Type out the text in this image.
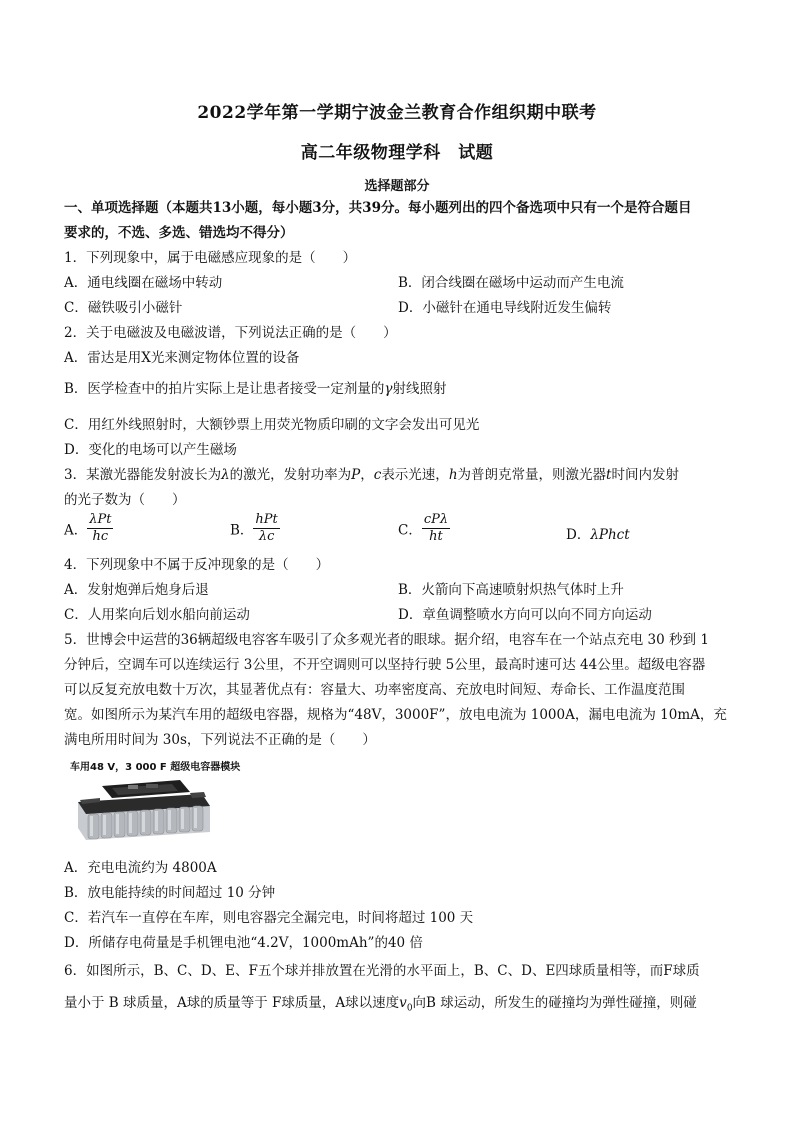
2022学年第一学期宁波金兰教育合作组织期中联考
高二年级物理学科　试题
选择题部分
一、单项选择题（本题共13小题，每小题3分，共39分。每小题列出的四个备选项中只有一个是符合题目
要求的，不选、多选、错选均不得分）
1．下列现象中，属于电磁感应现象的是（　　）
A．通电线圈在磁场中转动	B．闭合线圈在磁场中运动而产生电流
C．磁铁吸引小磁针	D．小磁针在通电导线附近发生偏转
2．关于电磁波及电磁波谱，下列说法正确的是（　　）
A．雷达是用X光来测定物体位置的设备
B．医学检查中的拍片实际上是让患者接受一定剂量的γ射线照射
C．用红外线照射时，大额钞票上用荧光物质印刷的文字会发出可见光
D．变化的电场可以产生磁场
3．某激光器能发射波长为λ的激光，发射功率为P，c表示光速，h为普朗克常量，则激光器t时间内发射
的光子数为（　　）
A． $\frac{\text{λPt}}{hc}$	B． $\frac{\text{hPt}}{\lambda c}$	C． $\frac{\text{cPλ}}{ht}$	D．λPhct
4．下列现象中不属于反冲现象的是（　　）
A．发射炮弹后炮身后退	B．火箭向下高速喷射炽热气体时上升
C．人用桨向后划水船向前运动	D．章鱼调整喷水方向可以向不同方向运动
5．世博会中运营的36辆超级电容客车吸引了众多观光者的眼球。据介绍，电容车在一个站点充电 30 秒到 1
分钟后，空调车可以连续运行 3公里，不开空调则可以坚持行驶 5公里，最高时速可达 44公里。超级电容器
可以反复充放电数十万次，其显著优点有：容量大、功率密度高、充放电时间短、寿命长、工作温度范围
宽。如图所示为某汽车用的超级电容器，规格为“48V，3000F”，放电电流为 1000A，漏电电流为 10mA，充
满电所用时间为 30s，下列说法不正确的是（　　）
车用48 V，3 000 F 超级电容器模块
A．充电电流约为 4800A
B．放电能持续的时间超过 10 分钟
C．若汽车一直停在车库，则电容器完全漏完电，时间将超过 100 天
D．所储存电荷量是手机锂电池“4.2V，1000mAh”的40 倍
6．如图所示，B、C、D、E、F五个球并排放置在光滑的水平面上，B、C、D、E四球质量相等，而F球质
量小于 B 球质量，A球的质量等于 F球质量，A球以速度$v_0$向B 球运动，所发生的碰撞均为弹性碰撞，则碰
